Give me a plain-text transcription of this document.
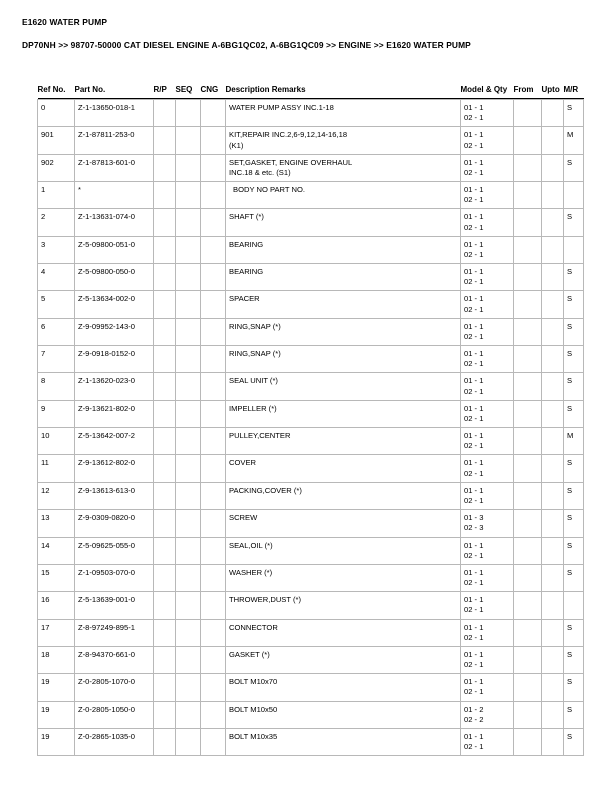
E1620 WATER PUMP
DP70NH >> 98707-50000 CAT DIESEL ENGINE A-6BG1QC02, A-6BG1QC09 >> ENGINE >> E1620 WATER PUMP
Ref No.	Part No.	R/P	SEQ	CNG	Description Remarks	Model & Qty	From	Upto	M/R

0	Z-1-13650-018-1				WATER PUMP ASSY INC.1-18	01 - 1
02 - 1			S
901	Z-1-87811-253-0				KIT,REPAIR INC.2,6-9,12,14-16,18
(K1)	01 - 1
02 - 1			M
902	Z-1-87813-601-0				SET,GASKET, ENGINE OVERHAUL
INC.18 & etc. (S1)	01 - 1
02 - 1			S
1	*				BODY NO PART NO.	01 - 1
02 - 1			

2	Z-1-13631-074-0				SHAFT (*)	01 - 1
02 - 1			S
3	Z-5-09800-051-0				BEARING	01 - 1
02 - 1			

4	Z-5-09800-050-0				BEARING	01 - 1
02 - 1			S
5	Z-5-13634-002-0				SPACER	01 - 1
02 - 1			S
6	Z-9-09952-143-0				RING,SNAP (*)	01 - 1
02 - 1			S
7	Z-9-0918-0152-0				RING,SNAP (*)	01 - 1
02 - 1			S
8	Z-1-13620-023-0				SEAL UNIT (*)	01 - 1
02 - 1			S
9	Z-9-13621-802-0				IMPELLER (*)	01 - 1
02 - 1			S
10	Z-5-13642-007-2				PULLEY,CENTER	01 - 1
02 - 1			M
11	Z-9-13612-802-0				COVER	01 - 1
02 - 1			S
12	Z-9-13613-613-0				PACKING,COVER (*)	01 - 1
02 - 1			S
13	Z-9-0309-0820-0				SCREW	01 - 3
02 - 3			S
14	Z-5-09625-055-0				SEAL,OIL (*)	01 - 1
02 - 1			S
15	Z-1-09503-070-0				WASHER (*)	01 - 1
02 - 1			S
16	Z-5-13639-001-0				THROWER,DUST (*)	01 - 1
02 - 1			

17	Z-8-97249-895-1				CONNECTOR	01 - 1
02 - 1			S
18	Z-8-94370-661-0				GASKET (*)	01 - 1
02 - 1			S
19	Z-0-2805-1070-0				BOLT M10x70	01 - 1
02 - 1			S
19	Z-0-2805-1050-0				BOLT M10x50	01 - 2
02 - 2			S
19	Z-0-2865-1035-0				BOLT M10x35	01 - 1
02 - 1			S
